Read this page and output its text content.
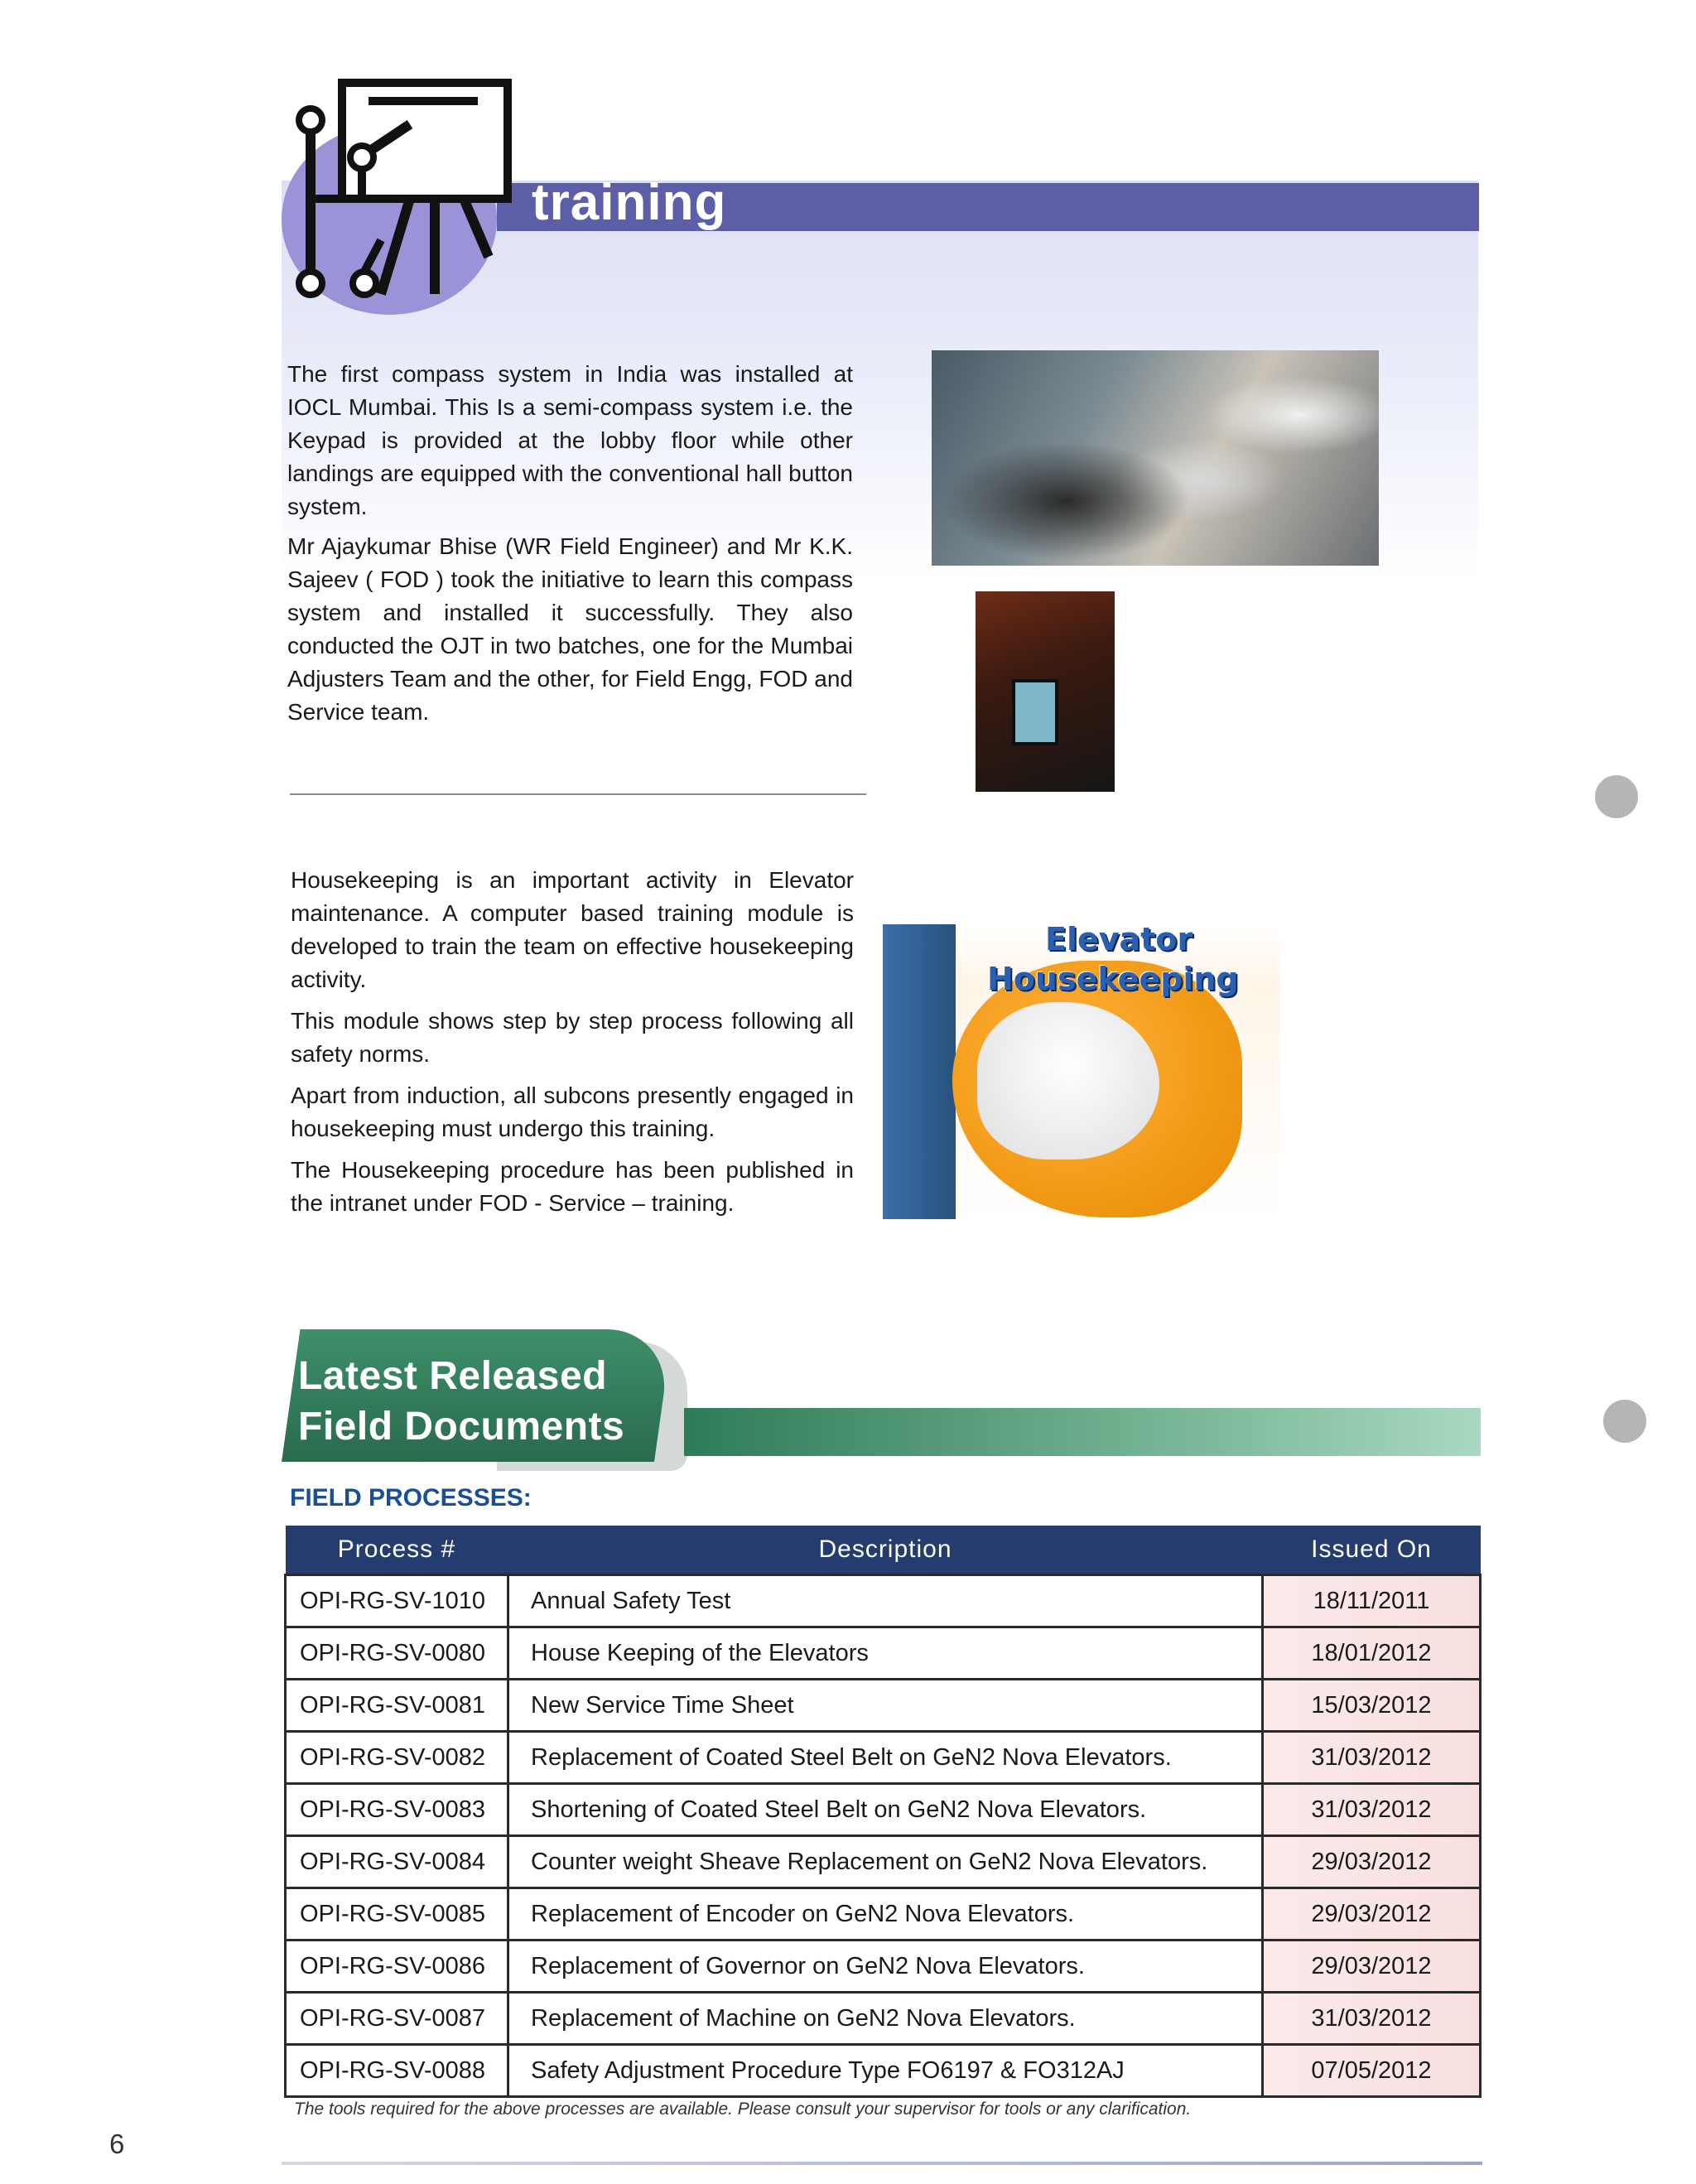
training

The first compass system in India was installed at IOCL Mumbai. This Is a semi-compass system i.e. the Keypad is provided at the lobby floor while other landings are equipped with the conventional hall button system.

Mr Ajaykumar Bhise (WR Field Engineer) and Mr K.K. Sajeev ( FOD ) took the initiative to learn this compass system and installed it successfully. They also conducted the OJT in two batches, one for the Mumbai Adjusters Team and the other, for Field Engg, FOD and Service team.

Housekeeping is an important activity in Elevator maintenance. A computer based training module is developed to train the team on effective housekeeping activity.

This module shows step by step process following all safety norms.

Apart from induction, all subcons presently engaged in housekeeping must undergo this training.

The Housekeeping procedure has been published in the intranet under FOD - Service – training.

Elevator
Housekeeping
Latest Released
Field Documents
FIELD PROCESSES:
Process #	Description	Issued On
OPI-RG-SV-1010	Annual Safety Test	18/11/2011
OPI-RG-SV-0080	House Keeping of the Elevators	18/01/2012
OPI-RG-SV-0081	New Service Time Sheet	15/03/2012
OPI-RG-SV-0082	Replacement of Coated Steel Belt on GeN2 Nova Elevators.	31/03/2012
OPI-RG-SV-0083	Shortening of Coated Steel Belt on GeN2 Nova Elevators.	31/03/2012
OPI-RG-SV-0084	Counter weight Sheave Replacement on GeN2 Nova Elevators.	29/03/2012
OPI-RG-SV-0085	Replacement of Encoder on GeN2 Nova Elevators.	29/03/2012
OPI-RG-SV-0086	Replacement of Governor on GeN2 Nova Elevators.	29/03/2012
OPI-RG-SV-0087	Replacement of Machine on GeN2 Nova Elevators.	31/03/2012
OPI-RG-SV-0088	Safety Adjustment Procedure Type FO6197 & FO312AJ	07/05/2012
The tools required for the above processes are available. Please consult your supervisor for tools or any clarification.
6
